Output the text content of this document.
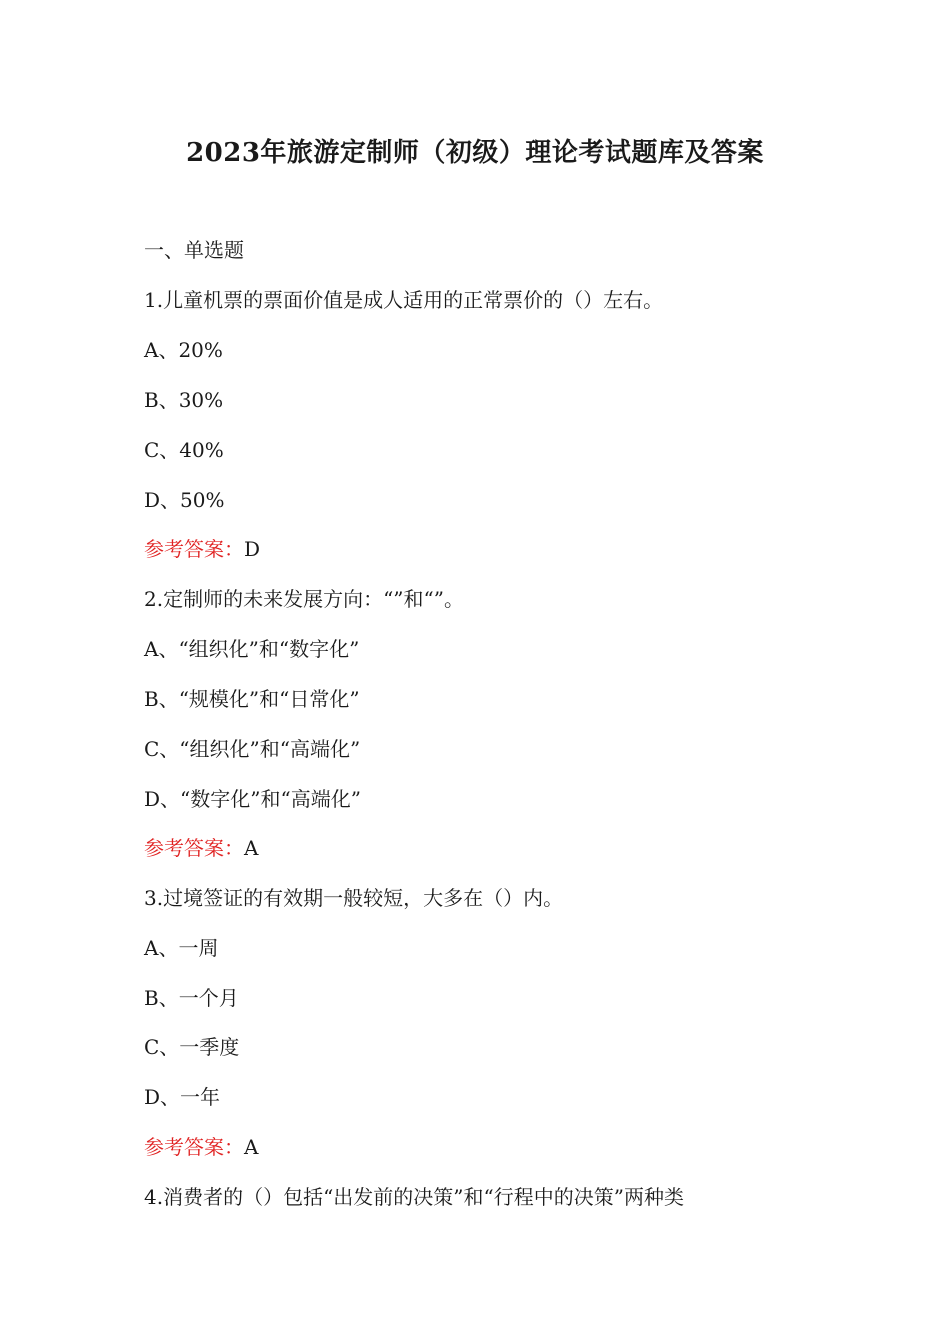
2023年旅游定制师（初级）理论考试题库及答案
一、单选题
1.儿童机票的票面价值是成人适用的正常票价的（）左右。
A、20%
B、30%
C、40%
D、50%
参考答案：D
2.定制师的未来发展方向：“”和“”。
A、“组织化”和“数字化”
B、“规模化”和“日常化”
C、“组织化”和“高端化”
D、“数字化”和“高端化”
参考答案：A
3.过境签证的有效期一般较短，大多在（）内。
A、一周
B、一个月
C、一季度
D、一年
参考答案：A
4.消费者的（）包括“出发前的决策”和“行程中的决策”两种类
